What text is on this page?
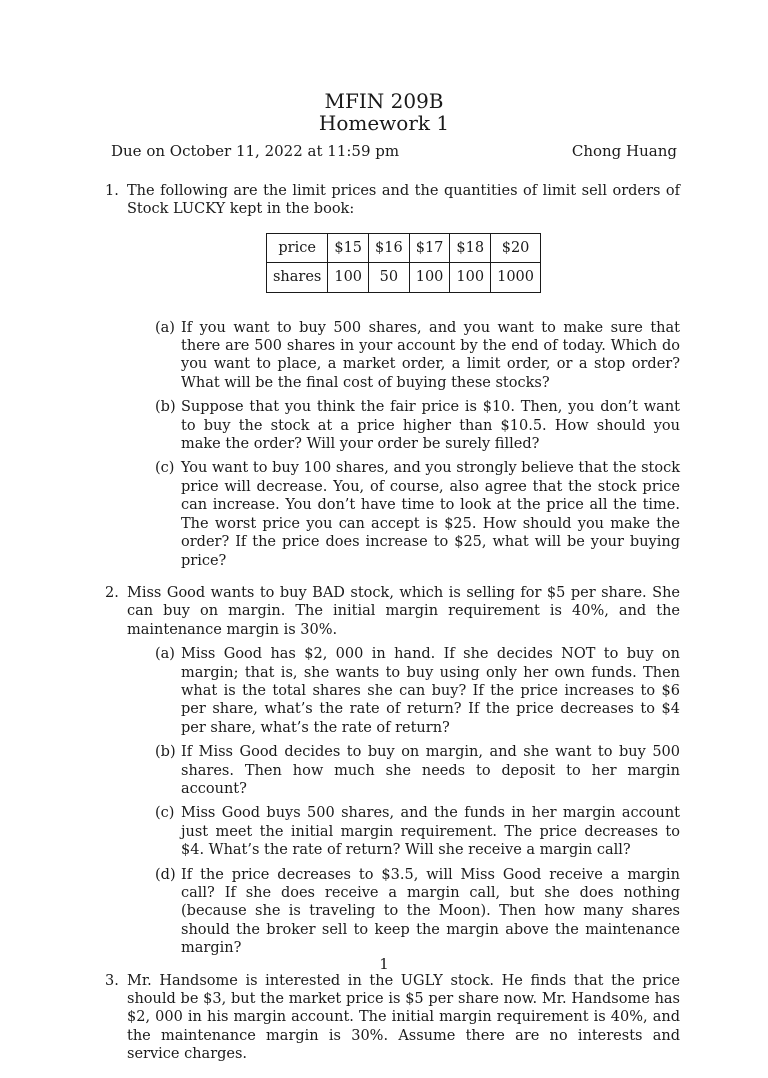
MFIN 209B
Homework 1
Due on October 11, 2022 at 11:59 pm	Chong Huang
1. The following are the limit prices and the quantities of limit sell orders of Stock LUCKY kept in the book:
price	$15	$16	$17	$18	$20
shares	100	50	100	100	1000
(a) If you want to buy 500 shares, and you want to make sure that there are 500 shares in your account by the end of today. Which do you want to place, a market order, a limit order, or a stop order? What will be the final cost of buying these stocks?
(b) Suppose that you think the fair price is $10. Then, you don’t want to buy the stock at a price higher than $10.5. How should you make the order? Will your order be surely filled?
(c) You want to buy 100 shares, and you strongly believe that the stock price will decrease. You, of course, also agree that the stock price can increase. You don’t have time to look at the price all the time. The worst price you can accept is $25. How should you make the order? If the price does increase to $25, what will be your buying price?
2. Miss Good wants to buy BAD stock, which is selling for $5 per share. She can buy on margin. The initial margin requirement is 40%, and the maintenance margin is 30%.
(a) Miss Good has $2, 000 in hand. If she decides NOT to buy on margin; that is, she wants to buy using only her own funds. Then what is the total shares she can buy? If the price increases to $6 per share, what’s the rate of return? If the price decreases to $4 per share, what’s the rate of return?
(b) If Miss Good decides to buy on margin, and she want to buy 500 shares. Then how much she needs to deposit to her margin account?
(c) Miss Good buys 500 shares, and the funds in her margin account just meet the initial margin requirement. The price decreases to $4. What’s the rate of return? Will she receive a margin call?
(d) If the price decreases to $3.5, will Miss Good receive a margin call? If she does receive a margin call, but she does nothing (because she is traveling to the Moon). Then how many shares should the broker sell to keep the margin above the maintenance margin?
3. Mr. Handsome is interested in the UGLY stock. He finds that the price should be $3, but the market price is $5 per share now. Mr. Handsome has $2, 000 in his margin account. The initial margin requirement is 40%, and the maintenance margin is 30%. Assume there are no interests and service charges.
1
